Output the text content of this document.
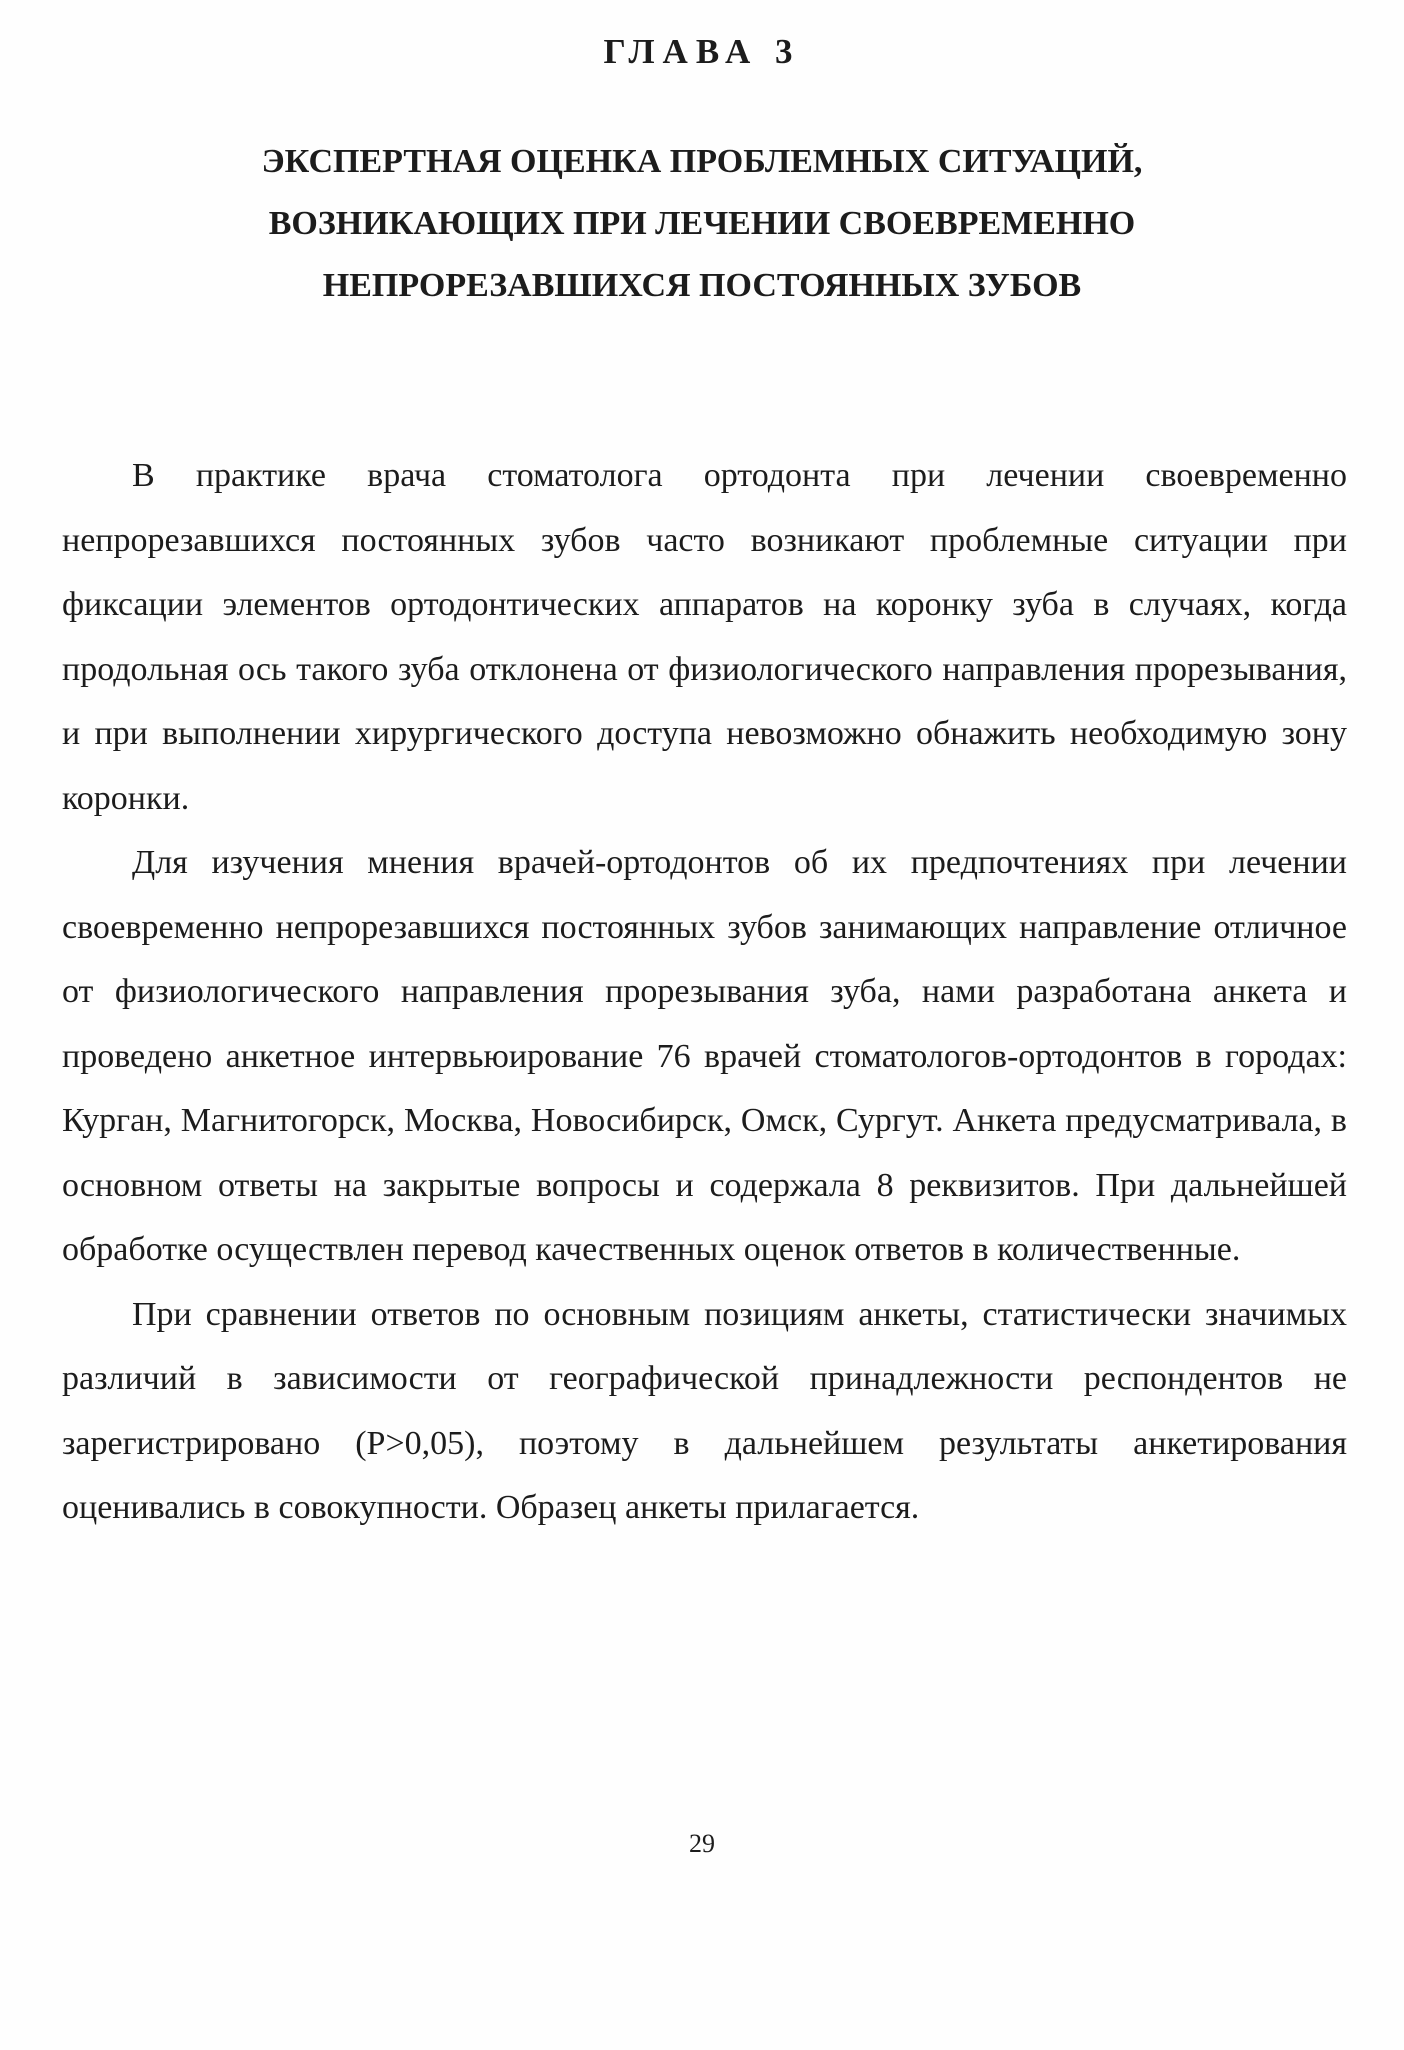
ГЛАВА 3
ЭКСПЕРТНАЯ ОЦЕНКА ПРОБЛЕМНЫХ СИТУАЦИЙ,
ВОЗНИКАЮЩИХ ПРИ ЛЕЧЕНИИ СВОЕВРЕМЕННО
НЕПРОРЕЗАВШИХСЯ ПОСТОЯННЫХ ЗУБОВ

В практике врача стоматолога ортодонта при лечении своевременно непрорезавшихся постоянных зубов часто возникают проблемные ситуации при фиксации элементов ортодонтических аппаратов на коронку зуба в случаях, когда продольная ось такого зуба отклонена от физиологического направления прорезывания, и при выполнении хирургического доступа невозможно обнажить необходимую зону коронки.

Для изучения мнения врачей-ортодонтов об их предпочтениях при лечении своевременно непрорезавшихся постоянных зубов занимающих направление отличное от физиологического направления прорезывания зуба, нами разработана анкета и проведено анкетное интервьюирование 76 врачей стоматологов-ортодонтов в городах: Курган, Магнитогорск, Москва, Новосибирск, Омск, Сургут. Анкета предусматривала, в основном ответы на закрытые вопросы и содержала 8 реквизитов. При дальнейшей обработке осуществлен перевод качественных оценок ответов в количественные.

При сравнении ответов по основным позициям анкеты, статистически значимых различий в зависимости от географической принадлежности респондентов не зарегистрировано (P>0,05), поэтому в дальнейшем результаты анкетирования оценивались в совокупности. Образец анкеты прилагается.

29
